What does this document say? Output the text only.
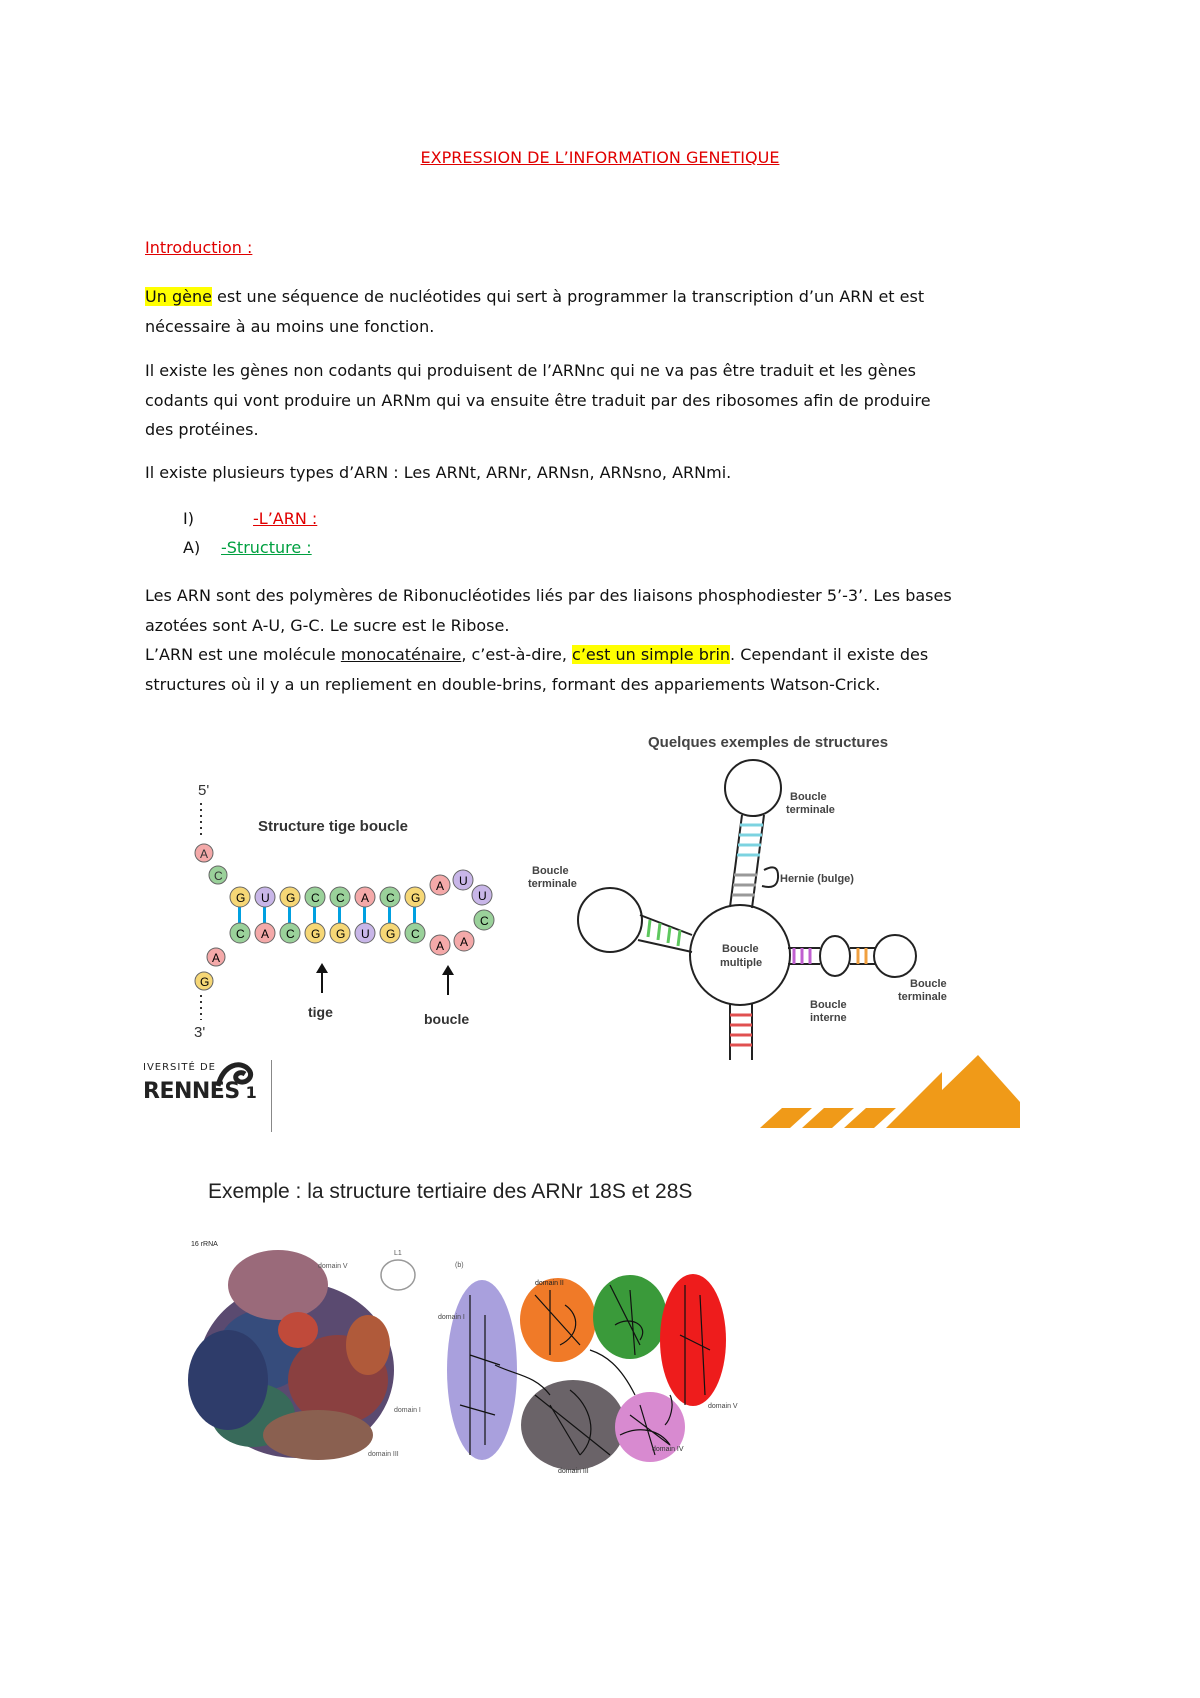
EXPRESSION DE L’INFORMATION GENETIQUE
Introduction :
Un gène est une séquence de nucléotides qui sert à programmer la transcription d’un ARN et est
nécessaire à au moins une fonction.
Il existe les gènes non codants qui produisent de l’ARNnc qui ne va pas être traduit et les gènes
codants qui vont produire un ARNm qui va ensuite être traduit par des ribosomes afin de produire
des protéines.
Il existe plusieurs types d’ARN : Les ARNt, ARNr, ARNsn, ARNsno, ARNmi.
I)	-L’ARN :
A) -Structure :
Les ARN sont des polymères de Ribonucléotides liés par des liaisons phosphodiester 5’-3’. Les bases
azotées sont A-U, G-C. Le sucre est le Ribose.
L’ARN est une molécule monocaténaire, c’est-à-dire, c’est un simple brin. Cependant il existe des
structures où il y a un repliement en double-brins, formant des appariements Watson-Crick.
5'
Structure tige boucle
A
C
G U G C C A C G
C A C G G U G C
A U
U
C
A
A
A
G
3'
tige	boucle
Quelques exemples de structures
Boucle
multiple
Boucle
terminale
Hernie (bulge)
Boucle
terminale
Boucle
interne
Boucle
terminale
IVERSITÉ DE
RENNES 1
Exemple : la structure tertiaire des ARNr 18S et 28S
16 rRNA
domain V
L1
domain I
domain III
(b)
domain I
domain II
domain V
domain IV
domain III
